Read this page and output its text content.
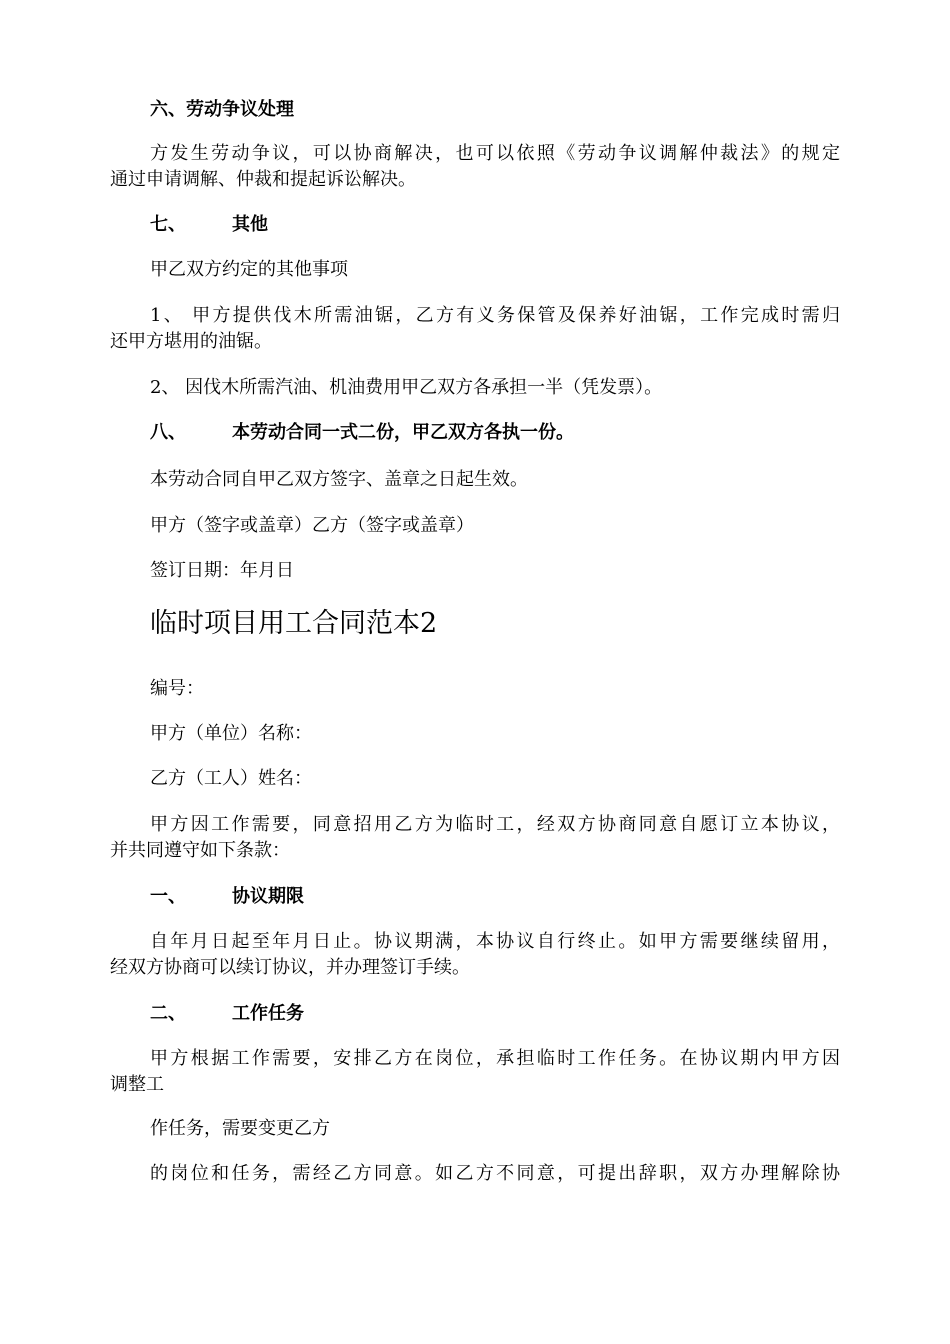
六、劳动争议处理

方发生劳动争议，可以协商解决，也可以依照《劳动争议调解仲裁法》的规定

通过申请调解、仲裁和提起诉讼解决。

七、	其他

甲乙双方约定的其他事项

1、 甲方提供伐木所需油锯，乙方有义务保管及保养好油锯，工作完成时需归

还甲方堪用的油锯。

2、 因伐木所需汽油、机油费用甲乙双方各承担一半（凭发票）。

八、	本劳动合同一式二份，甲乙双方各执一份。

本劳动合同自甲乙双方签字、盖章之日起生效。

甲方（签字或盖章）乙方（签字或盖章）

签订日期：年月日

临时项目用工合同范本2

编号：

甲方（单位）名称：

乙方（工人）姓名：

甲方因工作需要，同意招用乙方为临时工，经双方协商同意自愿订立本协议，

并共同遵守如下条款：

一、	协议期限

自年月日起至年月日止。协议期满，本协议自行终止。如甲方需要继续留用，

经双方协商可以续订协议，并办理签订手续。

二、	工作任务

甲方根据工作需要，安排乙方在岗位，承担临时工作任务。在协议期内甲方因

调整工

作任务，需要变更乙方

的岗位和任务，需经乙方同意。如乙方不同意，可提出辞职，双方办理解除协
